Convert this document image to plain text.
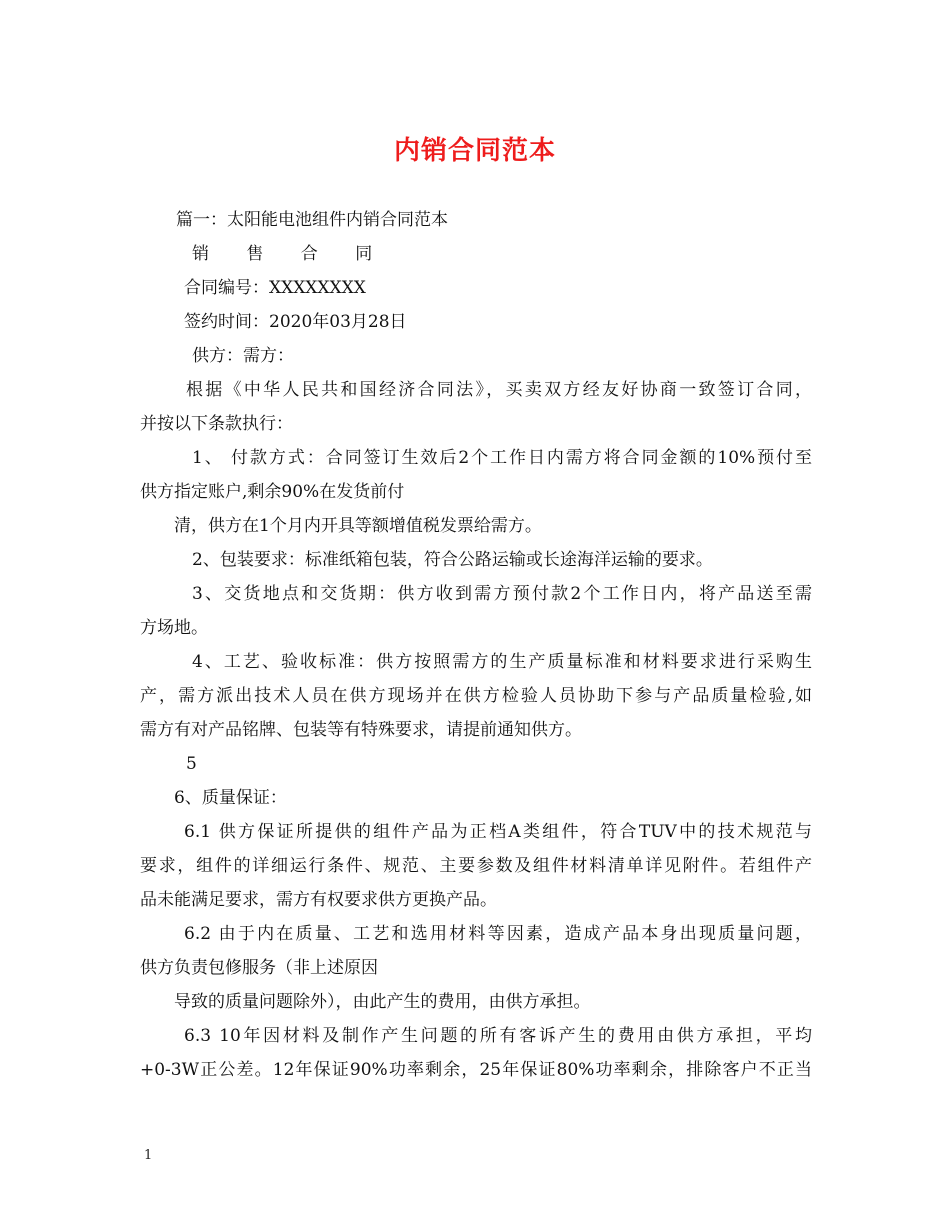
内销合同范本
篇一：太阳能电池组件内销合同范本
销 售 合 同
合同编号：XXXXXXXX
签约时间：2020年03月28日
供方：需方：
根据《中华人民共和国经济合同法》，买卖双方经友好协商一致签订合同，
并按以下条款执行：
1、 付款方式：合同签订生效后2个工作日内需方将合同金额的10%预付至
供方指定账户,剩余90%在发货前付
清，供方在1个月内开具等额增值税发票给需方。
2、包装要求：标准纸箱包装，符合公路运输或长途海洋运输的要求。
3、交货地点和交货期：供方收到需方预付款2个工作日内，将产品送至需
方场地。
4、工艺、验收标准：供方按照需方的生产质量标准和材料要求进行采购生
产，需方派出技术人员在供方现场并在供方检验人员协助下参与产品质量检验,如
需方有对产品铭牌、包装等有特殊要求，请提前通知供方。
5
6、质量保证：
6.1 供方保证所提供的组件产品为正档A类组件，符合TUV中的技术规范与
要求，组件的详细运行条件、规范、主要参数及组件材料清单详见附件。若组件产
品未能满足要求，需方有权要求供方更换产品。
6.2 由于内在质量、工艺和选用材料等因素，造成产品本身出现质量问题，
供方负责包修服务（非上述原因
导致的质量问题除外），由此产生的费用，由供方承担。
6.3 10年因材料及制作产生问题的所有客诉产生的费用由供方承担，平均
+0-3W正公差。12年保证90%功率剩余，25年保证80%功率剩余，排除客户不正当
1
